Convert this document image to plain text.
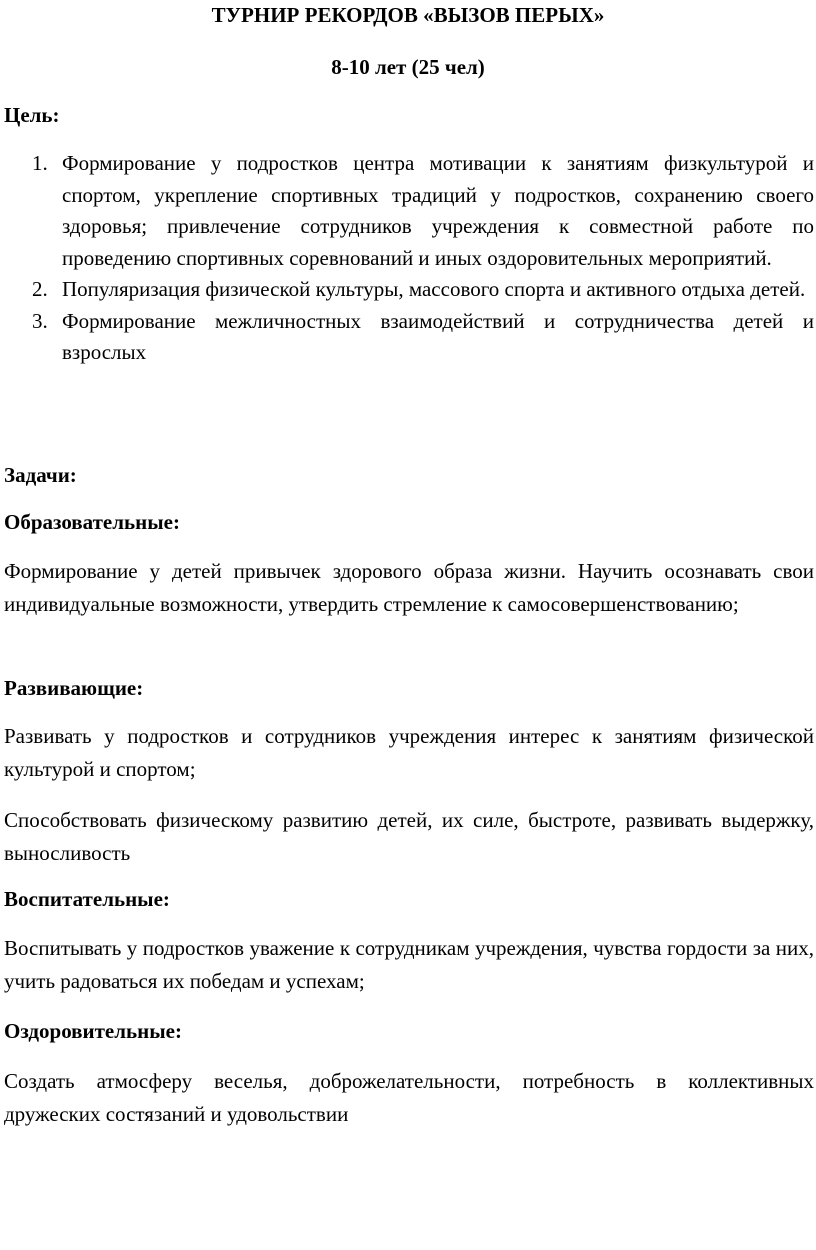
ТУРНИР РЕКОРДОВ «ВЫЗОВ ПЕРЫХ»
8-10 лет (25 чел)
Цель:
1. Формирование у подростков центра мотивации к занятиям физкультурой и спортом, укрепление спортивных традиций у подростков, сохранению своего здоровья; привлечение сотрудников учреждения к совместной работе по проведению спортивных соревнований и иных оздоровительных мероприятий.
2. Популяризация физической культуры, массового спорта и активного отдыха детей.
3. Формирование межличностных взаимодействий и сотрудничества детей и взрослых
Задачи:
Образовательные:

Формирование у детей привычек здорового образа жизни. Научить осознавать свои индивидуальные возможности, утвердить стремление к самосовершенствованию;

Развивающие:

Развивать у подростков и сотрудников учреждения интерес к занятиям физической культурой и спортом;

Способствовать физическому развитию детей, их силе, быстроте, развивать выдержку, выносливость

Воспитательные:

Воспитывать у подростков уважение к сотрудникам учреждения, чувства гордости за них, учить радоваться их победам и успехам;

Оздоровительные:

Создать атмосферу веселья, доброжелательности, потребность в коллективных дружеских состязаний и удовольствии
